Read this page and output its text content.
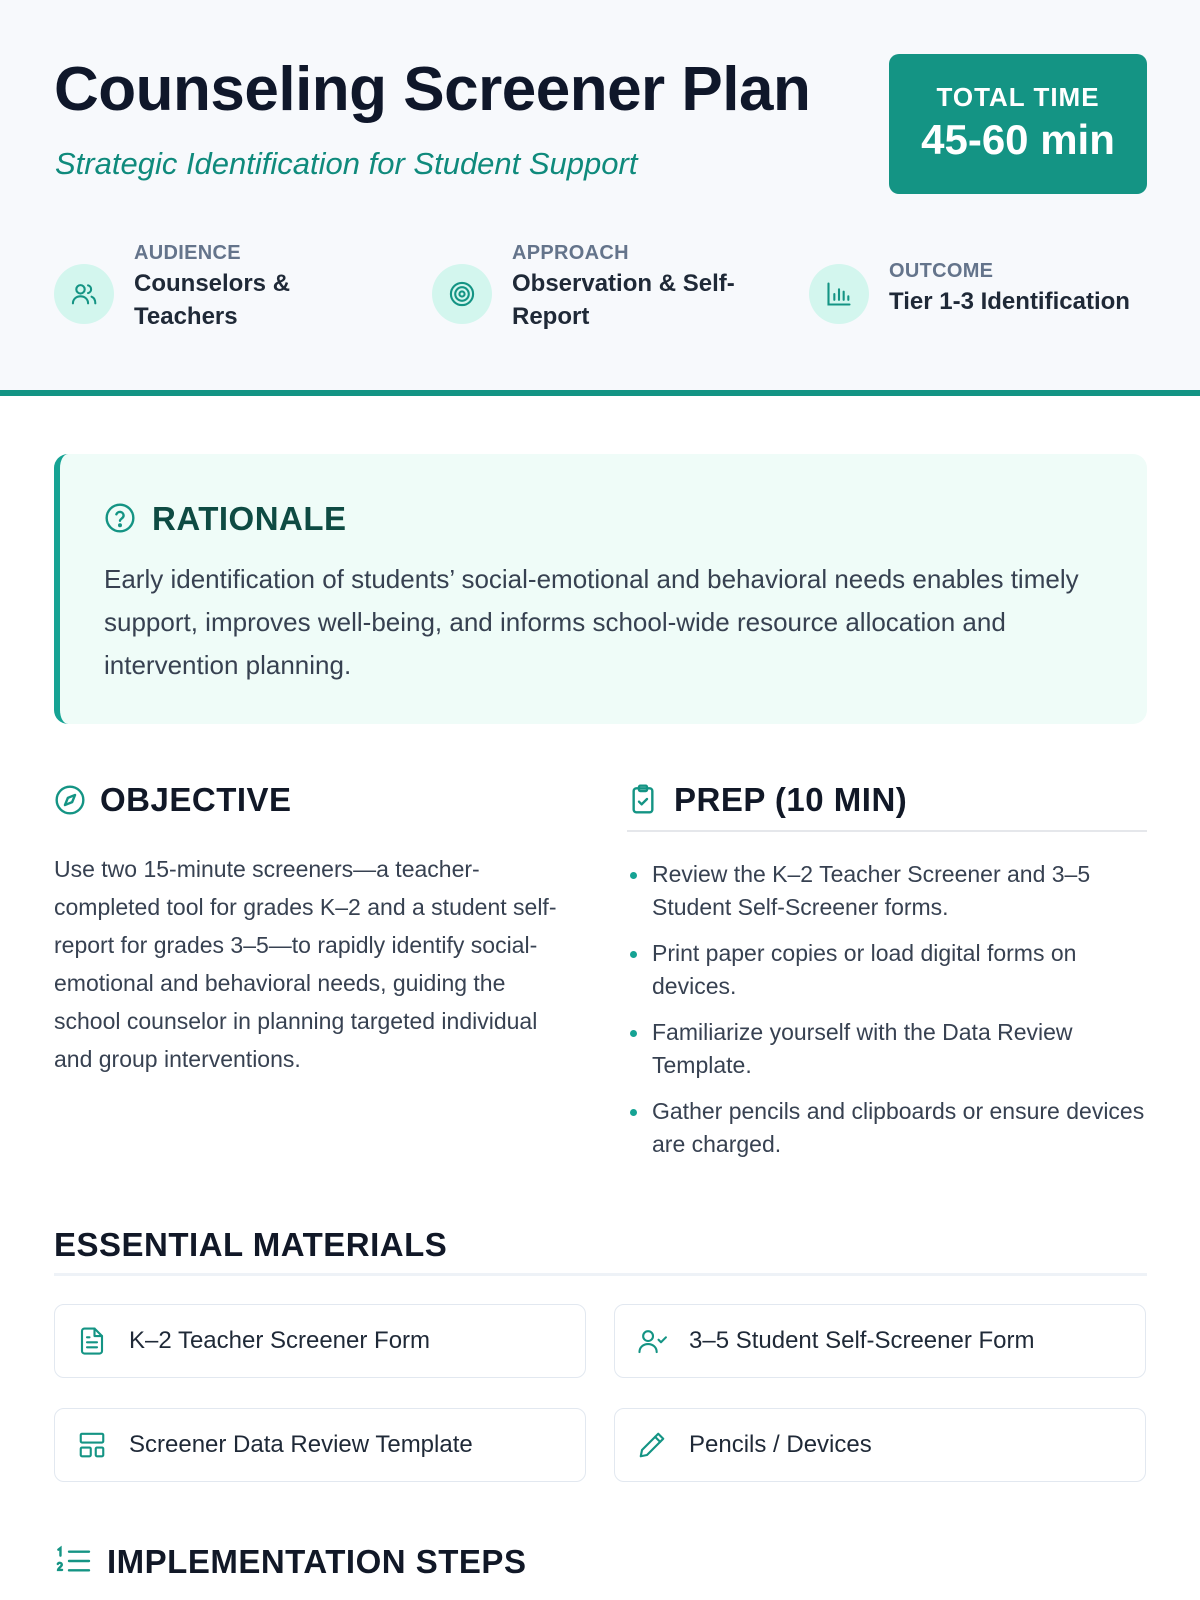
Counseling Screener Plan

Strategic Identification for Student Support

TOTAL TIME
45-60 min
AUDIENCE
Counselors & Teachers
APPROACH
Observation & Self-Report
OUTCOME
Tier 1-3 Identification
RATIONALE

Early identification of students’ social-emotional and behavioral needs enables timely support, improves well-being, and informs school-wide resource allocation and intervention planning.

OBJECTIVE

Use two 15-minute screeners—a teacher-completed tool for grades K–2 and a student self-report for grades 3–5—to rapidly identify social-emotional and behavioral needs, guiding the school counselor in planning targeted individual and group interventions.

PREP (10 MIN)
Review the K–2 Teacher Screener and 3–5 Student Self-Screener forms.
Print paper copies or load digital forms on devices.
Familiarize yourself with the Data Review Template.
Gather pencils and clipboards or ensure devices are charged.
ESSENTIAL MATERIALS
K–2 Teacher Screener Form	3–5 Student Self-Screener Form
Screener Data Review Template	Pencils / Devices
IMPLEMENTATION STEPS
